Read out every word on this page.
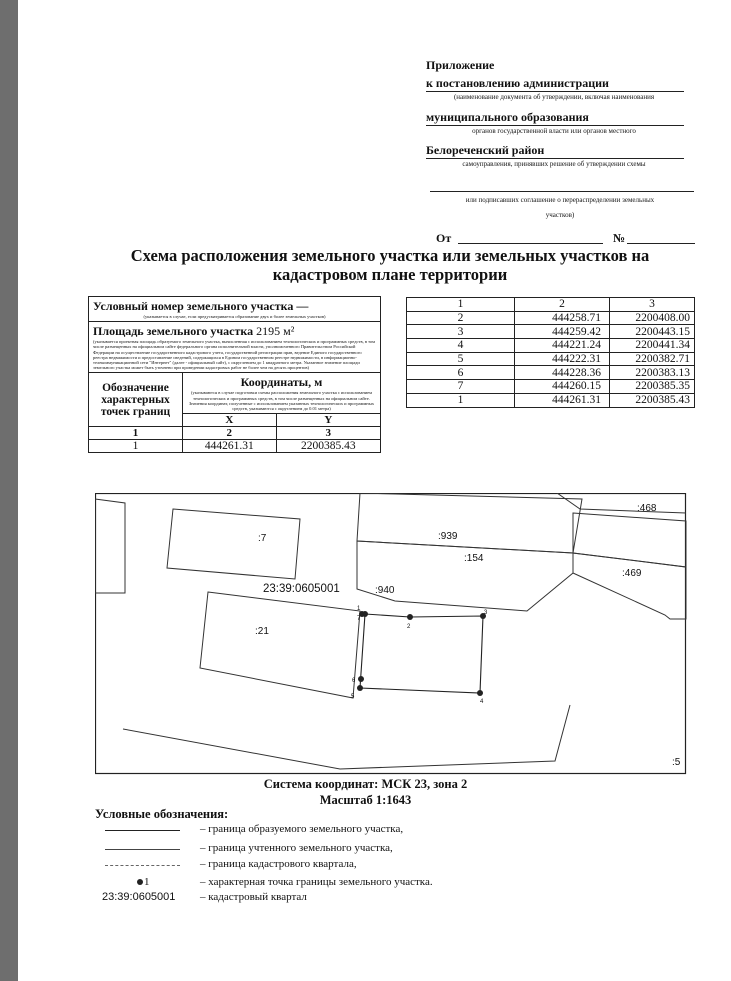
Приложение
к постановлению администрации
(наименование документа об утверждении, включая наименования
муниципального образования
органов государственной власти или органов местного
Белореченский район
самоуправления, принявших решение об утверждении схемы
или подписавших соглашение о перераспределении земельных
участков)
От	№
Схема расположения земельного участка или земельных участков на кадастровом плане территории
Условный номер земельного участка —
(указывается в случае, если предусматривается образование двух и более земельных участков)		

Площадь земельного участка 2195 м²
(указывается проектная площадь образуемого земельного участка, вычисленная с использованием технологических и программных средств, в том числе размещенных на официальном сайте федерального органа исполнительной власти, уполномоченного Правительством Российской Федерации на осуществление государственного кадастрового учета, государственной регистрации прав, ведение Единого государственного реестра недвижимости и предоставление сведений, содержащихся в Едином государственном реестре недвижимости, в информационно-телекоммуникационной сети "Интернет" (далее - официальный сайт), с округлением до 1 квадратного метра. Указанное значение площади земельного участка может быть уточнено при проведении кадастровых работ не более чем на десять процентов)		

Обозначение характерных точек границ	Координаты, м
(указываются в случае подготовки схемы расположения земельного участка с использованием технологических и программных средств, в том числе размещенных на официальном сайте. Значения координат, полученные с использованием указанных технологических и программных средств, указываются с округлением до 0.01 метра)	

	X	Y
1	2	3
1	444261.31	2200385.43
1	2	3
2	444258.71	2200408.00
3	444259.42	2200443.15
4	444221.24	2200441.34
5	444222.31	2200382.71
6	444228.36	2200383.13
7	444260.15	2200385.35
1	444261.31	2200385.43
:7	:939
:154
:468
:469
:940
:21
:5
23:39:0605001
1
7
2
3
4
5
6
Система координат: МСК 23, зона 2
Масштаб 1:1643
Условные обозначения:
– граница образуемого земельного участка,
– граница учтенного земельного участка,
– граница кадастрового квартала,
1	– характерная точка границы земельного участка.
23:39:0605001 – кадастровый квартал
